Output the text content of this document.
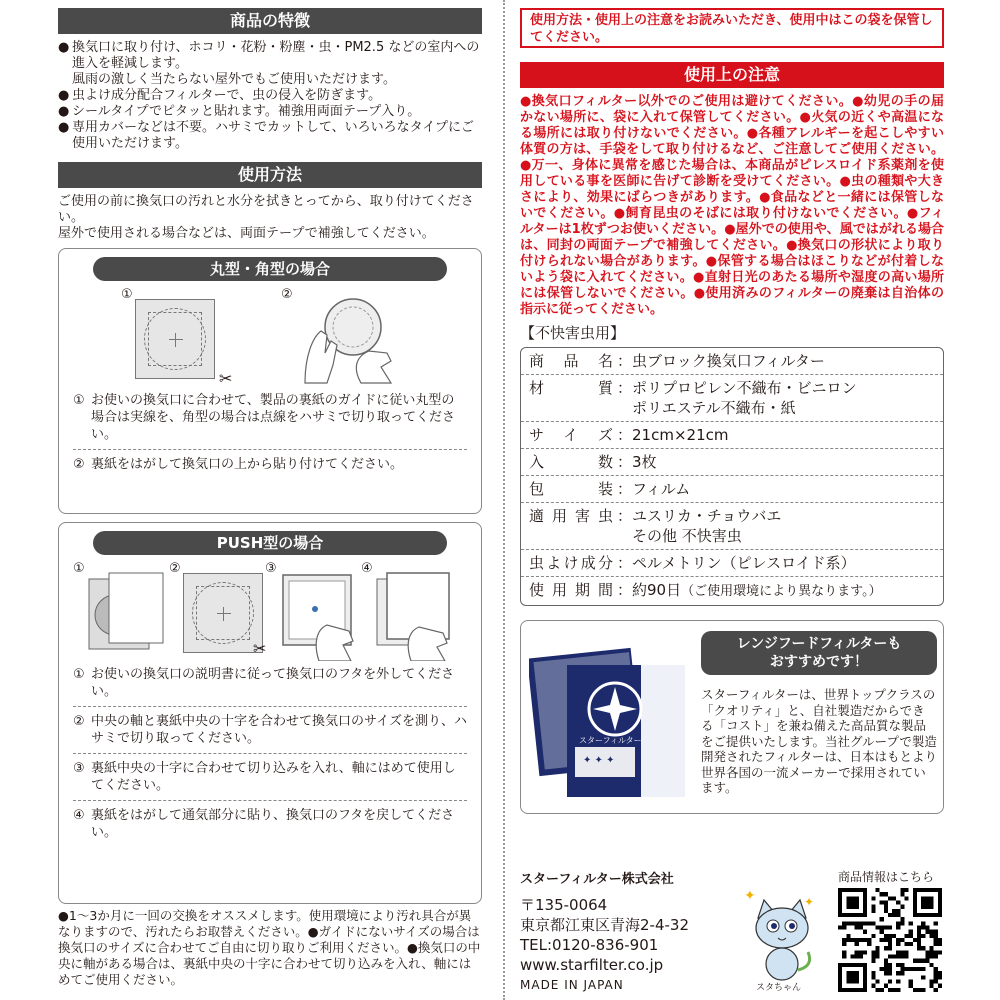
商品の特徴
● 換気口に取り付け、ホコリ・花粉・粉塵・虫・PM2.5 などの室内への進入を軽減します。
風雨の激しく当たらない屋外でもご使用いただけます。
● 虫よけ成分配合フィルターで、虫の侵入を防ぎます。
● シールタイプでピタッと貼れます。補強用両面テープ入り。
● 専用カバーなどは不要。ハサミでカットして、いろいろなタイプにご使用いただけます。
使用方法
ご使用の前に換気口の汚れと水分を拭きとってから、取り付けてください。
屋外で使用される場合などは、両面テープで補強してください。
丸型・角型の場合
①
✂
②
① お使いの換気口に合わせて、製品の裏紙のガイドに従い丸型の場合は実線を、角型の場合は点線をハサミで切り取ってください。
② 裏紙をはがして換気口の上から貼り付けてください。
PUSH型の場合
①	②
✂
③	④
① お使いの換気口の説明書に従って換気口のフタを外してください。
② 中央の軸と裏紙中央の十字を合わせて換気口のサイズを測り、ハサミで切り取ってください。
③ 裏紙中央の十字に合わせて切り込みを入れ、軸にはめて使用してください。
④ 裏紙をはがして通気部分に貼り、換気口のフタを戻してください。
●1〜3か月に一回の交換をオススメします。使用環境により汚れ具合が異なりますので、汚れたらお取替えください。●ガイドにないサイズの場合は換気口のサイズに合わせてご自由に切り取りご利用ください。●換気口の中央に軸がある場合は、裏紙中央の十字に合わせて切り込みを入れ、軸にはめてご使用ください。
使用方法・使用上の注意をお読みいただき、使用中はこの袋を保管してください。
使用上の注意
●換気口フィルター以外でのご使用は避けてください。●幼児の手の届かない場所に、袋に入れて保管してください。●火気の近くや高温になる場所には取り付けないでください。●各種アレルギーを起こしやすい体質の方は、手袋をして取り付けるなど、ご注意してご使用ください。●万一、身体に異常を感じた場合は、本商品がピレスロイド系薬剤を使用している事を医師に告げて診断を受けてください。●虫の種類や大きさにより、効果にばらつきがあります。●食品などと一緒には保管しないでください。●飼育昆虫のそばには取り付けないでください。●フィルターは1枚ずつお使いください。●屋外での使用や、風ではがれる場合は、同封の両面テープで補強してください。●換気口の形状により取り付けられない場合があります。●保管する場合はほこりなどが付着しないよう袋に入れてください。●直射日光のあたる場所や湿度の高い場所には保管しないでください。●使用済みのフィルターの廃棄は自治体の指示に従ってください。
【不快害虫用】
商品名 ： 虫ブロック換気口フィルター
材質 ： ポリプロピレン不織布・ビニロン
ポリエステル不織布・紙
サイズ ： 21cm×21cm
入数 ： 3枚
包装 ： フィルム
適用害虫 ： ユスリカ・チョウバエ
その他 不快害虫
虫よけ成分 ： ペルメトリン（ピレスロイド系）
使用期間 ： 約90日（ご使用環境により異なります。）
スターフィルター
✦ ✦ ✦
レンジフードフィルターも
おすすめです！
スターフィルターは、世界トップクラスの「クオリティ」と、自社製造だからできる「コスト」を兼ね備えた高品質な製品をご提供いたします。当社グループで製造開発されたフィルターは、日本はもとより世界各国の一流メーカーで採用されています。
スターフィルター株式会社
〒135-0064
東京都江東区青海2-4-32
TEL:0120-836-901
www.starfilter.co.jp
MADE IN JAPAN
✦	✦
スタちゃん
商品情報はこちら
